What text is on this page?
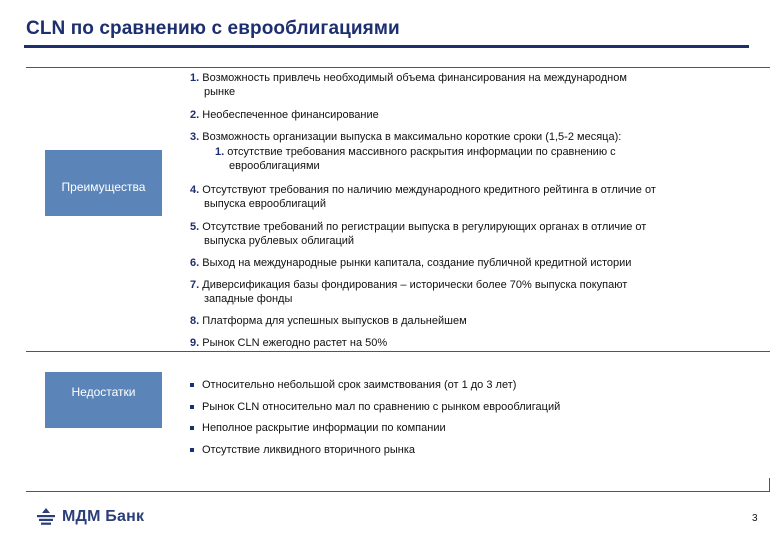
CLN по сравнению с еврооблигациями
Преимущества
1. Возможность привлечь необходимый объема финансирования на международном
рынке
2. Необеспеченное финансирование
3. Возможность организации выпуска в максимально короткие сроки (1,5-2 месяца):
1. отсутствие требования массивного раскрытия информации по сравнению с
еврооблигациями
4. Отсутствуют требования по наличию международного кредитного рейтинга в отличие от
выпуска еврооблигаций
5. Отсутствие требований по регистрации выпуска в регулирующих органах в отличие от
выпуска рублевых облигаций
6. Выход на международные рынки капитала, создание публичной кредитной истории
7. Диверсификация базы фондирования – исторически более 70% выпуска покупают
западные фонды
8. Платформа для успешных выпусков в дальнейшем
9. Рынок CLN ежегодно растет на 50%
Недостатки	Относительно небольшой срок заимствования (от 1 до 3 лет)
Рынок CLN относительно мал по сравнению с рынком еврооблигаций
Неполное раскрытие информации по компании
Отсутствие ликвидного вторичного рынка
МДМ Банк	3
